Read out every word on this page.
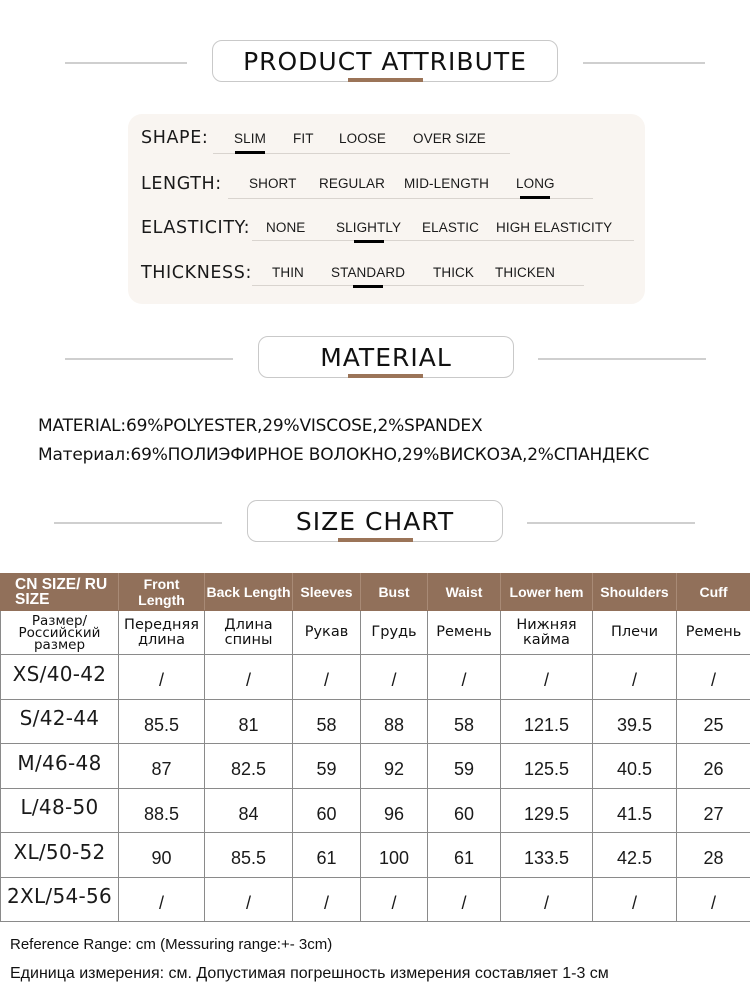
PRODUCT ATTRIBUTE
SHAPE: SLIM FIT LOOSE OVER SIZE
LENGTH: SHORT REGULAR MID-LENGTH LONG
ELASTICITY: NONE SLIGHTLY ELASTIC HIGH ELASTICITY
THICKNESS: THIN STANDARD THICK THICKEN
MATERIAL
MATERIAL:69%POLYESTER,29%VISCOSE,2%SPANDEX
Материал:69%ПОЛИЭФИРНОЕ ВОЛОКНО,29%ВИСКОЗА,2%СПАНДЕКС
SIZE CHART
CN SIZE/ RU SIZE	Front Length	Back Length	Sleeves	Bust	Waist	Lower hem	Shoulders	Cuff
Размер/ Российский размер	Передняя длина	Длина спины	Рукав	Грудь	Ремень	Нижняя кайма	Плечи	Ремень
XS/40-42	/	/	/	/	/	/	/	/
S/42-44	85.5	81	58	88	58	121.5	39.5	25
M/46-48	87	82.5	59	92	59	125.5	40.5	26
L/48-50	88.5	84	60	96	60	129.5	41.5	27
XL/50-52	90	85.5	61	100	61	133.5	42.5	28
2XL/54-56	/	/	/	/	/	/	/	/
Reference Range: cm (Messuring range:+- 3cm)
Единица измерения: см. Допустимая погрешность измерения составляет 1-3 см
